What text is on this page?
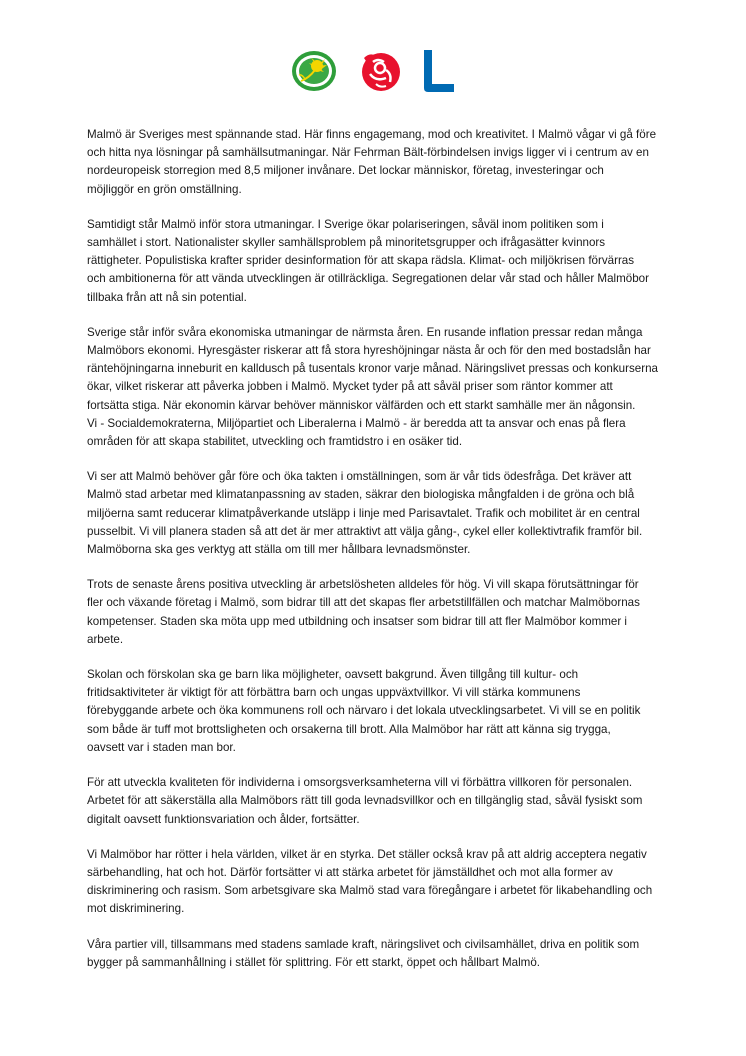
Malmö är Sveriges mest spännande stad. Här finns engagemang, mod och kreativitet. I Malmö vågar vi gå före
och hitta nya lösningar på samhällsutmaningar. När Fehrman Bält-förbindelsen invigs ligger vi i centrum av en
nordeuropeisk storregion med 8,5 miljoner invånare. Det lockar människor, företag, investeringar och
möjliggör en grön omställning.

Samtidigt står Malmö inför stora utmaningar. I Sverige ökar polariseringen, såväl inom politiken som i
samhället i stort. Nationalister skyller samhällsproblem på minoritetsgrupper och ifrågasätter kvinnors
rättigheter. Populistiska krafter sprider desinformation för att skapa rädsla. Klimat- och miljökrisen förvärras
och ambitionerna för att vända utvecklingen är otillräckliga. Segregationen delar vår stad och håller Malmöbor
tillbaka från att nå sin potential.

Sverige står inför svåra ekonomiska utmaningar de närmsta åren. En rusande inflation pressar redan många
Malmöbors ekonomi. Hyresgäster riskerar att få stora hyreshöjningar nästa år och för den med bostadslån har
räntehöjningarna inneburit en kalldusch på tusentals kronor varje månad. Näringslivet pressas och konkurserna
ökar, vilket riskerar att påverka jobben i Malmö. Mycket tyder på att såväl priser som räntor kommer att
fortsätta stiga. När ekonomin kärvar behöver människor välfärden och ett starkt samhälle mer än någonsin.
Vi - Socialdemokraterna, Miljöpartiet och Liberalerna i Malmö - är beredda att ta ansvar och enas på flera
områden för att skapa stabilitet, utveckling och framtidstro i en osäker tid.

Vi ser att Malmö behöver går före och öka takten i omställningen, som är vår tids ödesfråga. Det kräver att
Malmö stad arbetar med klimatanpassning av staden, säkrar den biologiska mångfalden i de gröna och blå
miljöerna samt reducerar klimatpåverkande utsläpp i linje med Parisavtalet. Trafik och mobilitet är en central
pusselbit. Vi vill planera staden så att det är mer attraktivt att välja gång-, cykel eller kollektivtrafik framför bil.
Malmöborna ska ges verktyg att ställa om till mer hållbara levnadsmönster.

Trots de senaste årens positiva utveckling är arbetslösheten alldeles för hög. Vi vill skapa förutsättningar för
fler och växande företag i Malmö, som bidrar till att det skapas fler arbetstillfällen och matchar Malmöbornas
kompetenser. Staden ska möta upp med utbildning och insatser som bidrar till att fler Malmöbor kommer i
arbete.

Skolan och förskolan ska ge barn lika möjligheter, oavsett bakgrund. Även tillgång till kultur- och
fritidsaktiviteter är viktigt för att förbättra barn och ungas uppväxtvillkor. Vi vill stärka kommunens
förebyggande arbete och öka kommunens roll och närvaro i det lokala utvecklingsarbetet. Vi vill se en politik
som både är tuff mot brottsligheten och orsakerna till brott. Alla Malmöbor har rätt att känna sig trygga,
oavsett var i staden man bor.

För att utveckla kvaliteten för individerna i omsorgsverksamheterna vill vi förbättra villkoren för personalen.
Arbetet för att säkerställa alla Malmöbors rätt till goda levnadsvillkor och en tillgänglig stad, såväl fysiskt som
digitalt oavsett funktionsvariation och ålder, fortsätter.

Vi Malmöbor har rötter i hela världen, vilket är en styrka. Det ställer också krav på att aldrig acceptera negativ
särbehandling, hat och hot. Därför fortsätter vi att stärka arbetet för jämställdhet och mot alla former av
diskriminering och rasism. Som arbetsgivare ska Malmö stad vara föregångare i arbetet för likabehandling och
mot diskriminering.

Våra partier vill, tillsammans med stadens samlade kraft, näringslivet och civilsamhället, driva en politik som
bygger på sammanhållning i stället för splittring. För ett starkt, öppet och hållbart Malmö.
